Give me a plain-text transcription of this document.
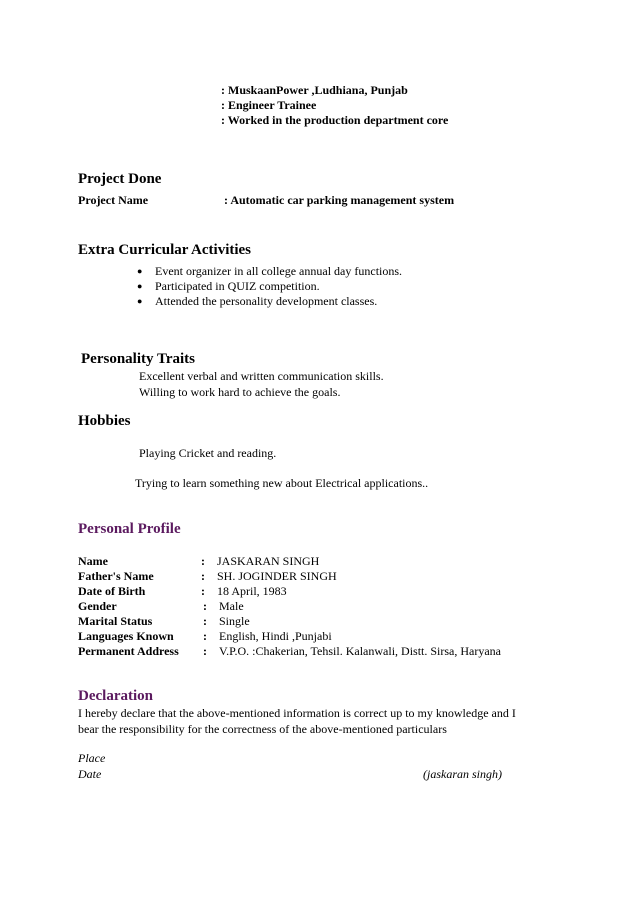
: MuskaanPower ,Ludhiana, Punjab
: Engineer Trainee
: Worked in the production department core
Project Done
Project Name	: Automatic car parking management system
Extra Curricular Activities
● Event organizer in all college annual day functions.
● Participated in QUIZ competition.
● Attended the personality development classes.
Personality Traits
Excellent verbal and written communication skills.
Willing to work hard to achieve the goals.
Hobbies
Playing Cricket and reading.
Trying to learn something new about Electrical applications..
Personal Profile
Name	: JASKARAN SINGH
Father's Name	: SH. JOGINDER SINGH
Date of Birth	: 18 April, 1983
Gender	: Male
Marital Status	: Single
Languages Known : English, Hindi ,Punjabi
Permanent Address : V.P.O. :Chakerian, Tehsil. Kalanwali, Distt. Sirsa, Haryana
Declaration
I hereby declare that the above-mentioned information is correct up to my knowledge and I
bear the responsibility for the correctness of the above-mentioned particulars
Place
Date	(jaskaran singh)
